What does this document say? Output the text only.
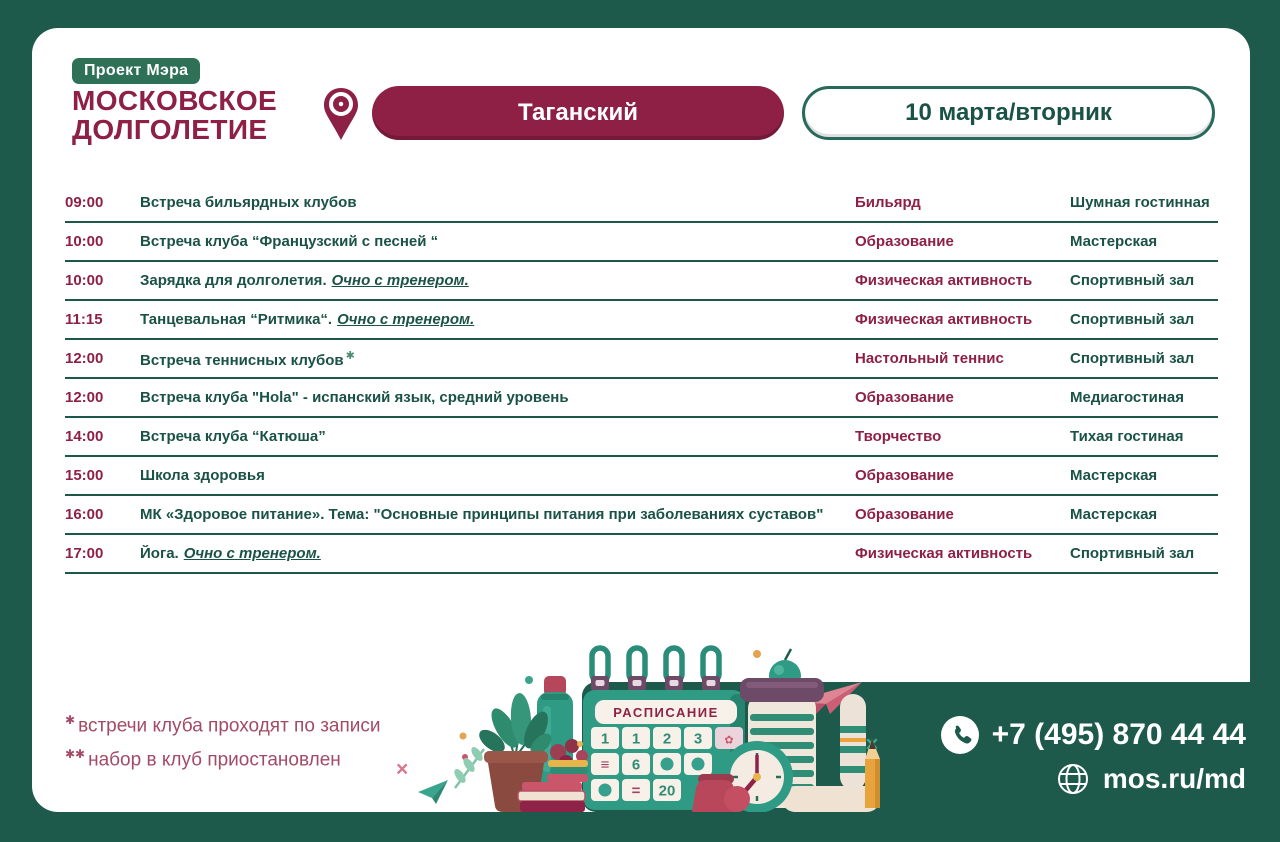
Проект Мэра
МОСКОВСКОЕ
ДОЛГОЛЕТИЕ
Таганский	10 марта/вторник
09:00	Встреча бильярдных клубов	Бильярд	Шумная гостинная
10:00	Встреча клуба “Французский с песней “	Образование	Мастерская
10:00	Зарядка для долголетия. Очно с тренером.	Физическая активность	Спортивный зал
11:15	Танцевальная “Ритмика“. Очно с тренером.	Физическая активность	Спортивный зал
12:00	Встреча теннисных клубов ✱	Настольный теннис	Спортивный зал
12:00	Встреча клуба "Hola" - испанский язык, средний уровень	Образование	Медиагостиная
14:00	Встреча клуба “Катюша”	Творчество	Тихая гостиная
15:00	Школа здоровья	Образование	Мастерская
16:00	МК «Здоровое питание». Тема: "Основные принципы питания при заболеваниях суставов"	Образование	Мастерская
17:00	Йога. Очно с тренером.	Физическая активность	Спортивный зал
✱ встречи клуба проходят по записи
✱✱ набор в клуб приостановлен	×
РАСПИСАНИЕ
1 1 2 3 ✿
≡ 6
= 20
+7 (495) 870 44 44
mos.ru/md
